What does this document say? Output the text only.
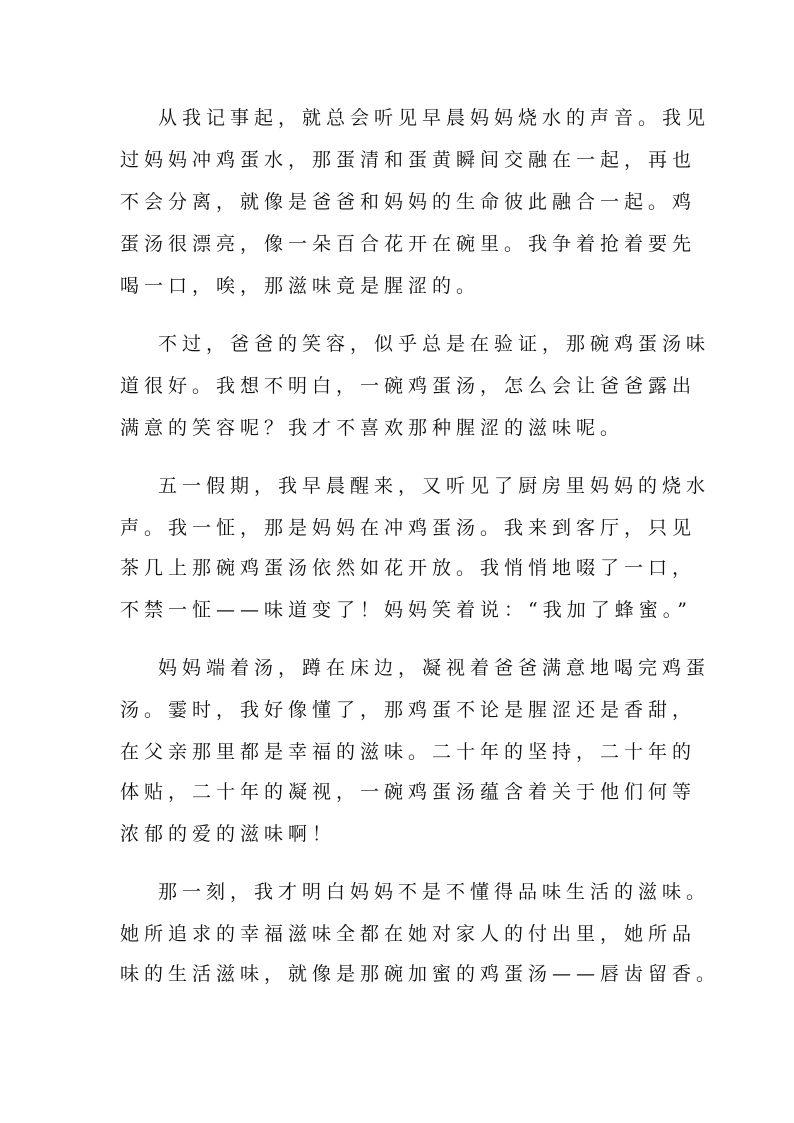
从我记事起，就总会听见早晨妈妈烧水的声音。我见
过妈妈冲鸡蛋水，那蛋清和蛋黄瞬间交融在一起，再也
不会分离，就像是爸爸和妈妈的生命彼此融合一起。鸡
蛋汤很漂亮，像一朵百合花开在碗里。我争着抢着要先
喝一口，唉，那滋味竟是腥涩的。
不过，爸爸的笑容，似乎总是在验证，那碗鸡蛋汤味
道很好。我想不明白，一碗鸡蛋汤，怎么会让爸爸露出
满意的笑容呢？我才不喜欢那种腥涩的滋味呢。
五一假期，我早晨醒来，又听见了厨房里妈妈的烧水
声。我一怔，那是妈妈在冲鸡蛋汤。我来到客厅，只见
茶几上那碗鸡蛋汤依然如花开放。我悄悄地啜了一口，
不禁一怔——味道变了！妈妈笑着说：“我加了蜂蜜。”
妈妈端着汤，蹲在床边，凝视着爸爸满意地喝完鸡蛋
汤。霎时，我好像懂了，那鸡蛋不论是腥涩还是香甜，
在父亲那里都是幸福的滋味。二十年的坚持，二十年的
体贴，二十年的凝视，一碗鸡蛋汤蕴含着关于他们何等
浓郁的爱的滋味啊！
那一刻，我才明白妈妈不是不懂得品味生活的滋味。
她所追求的幸福滋味全都在她对家人的付出里，她所品
味的生活滋味，就像是那碗加蜜的鸡蛋汤——唇齿留香。
